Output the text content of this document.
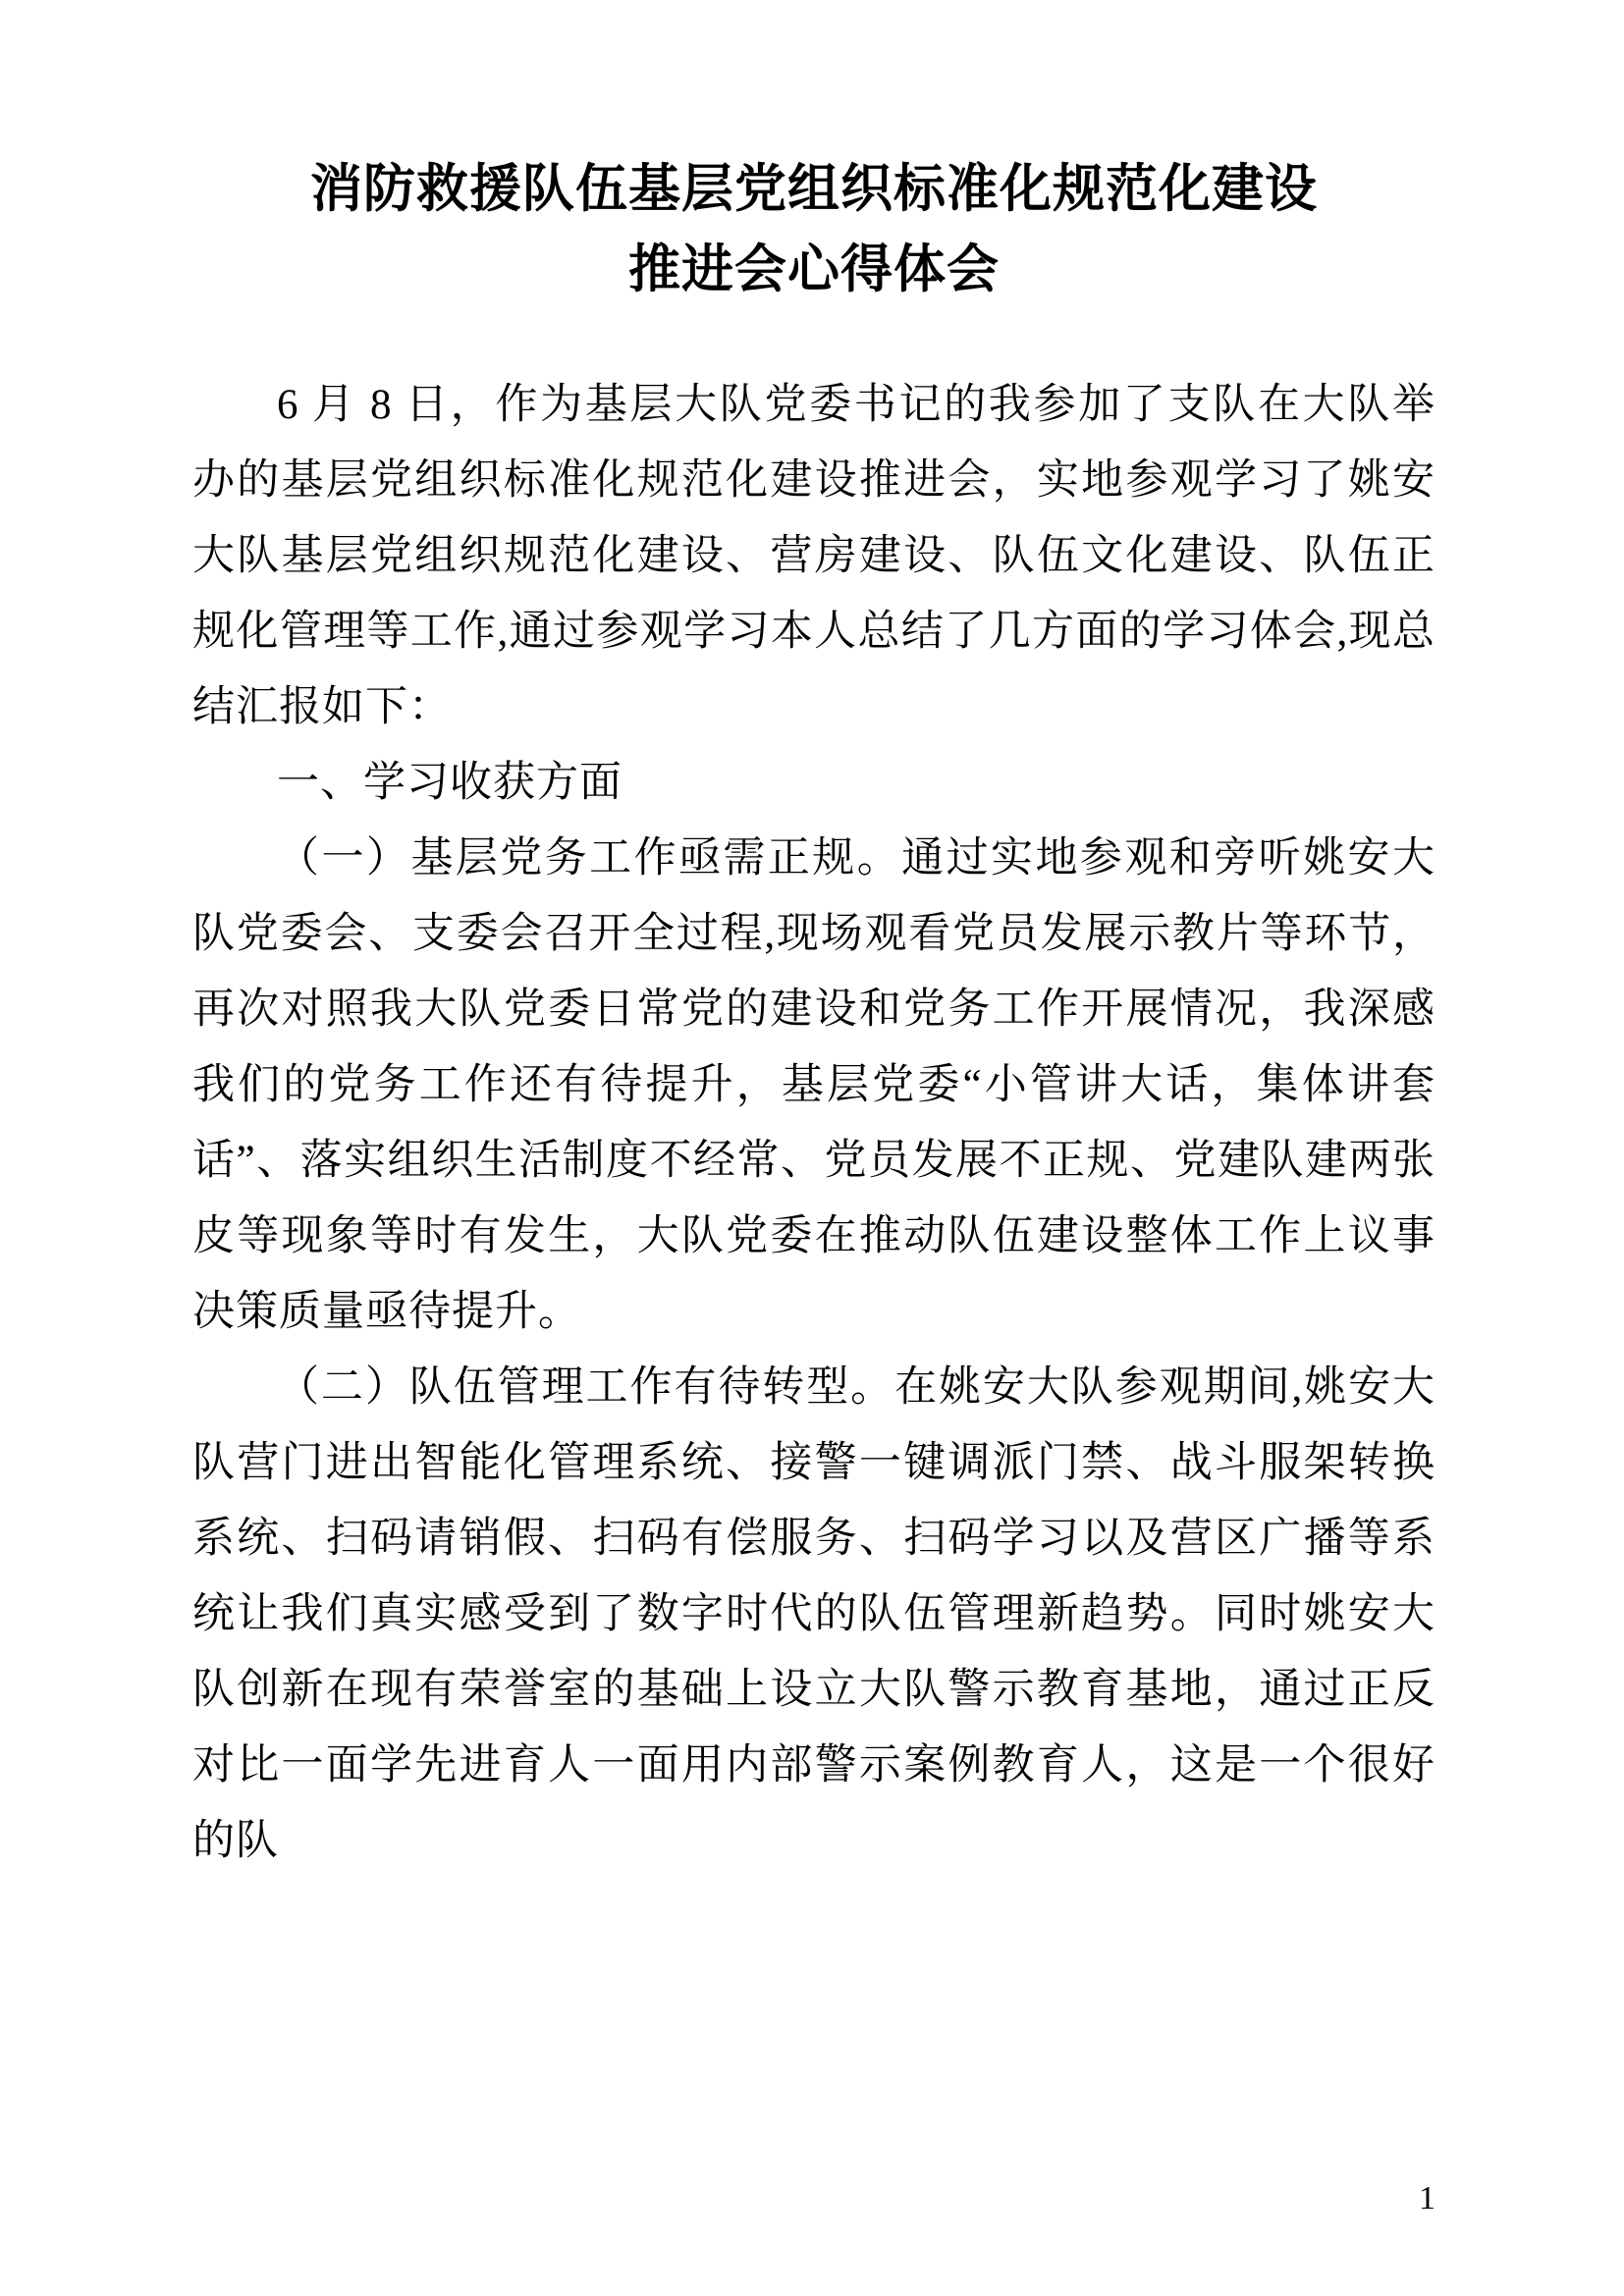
消防救援队伍基层党组织标准化规范化建设
推进会心得体会

6 月 8 日，作为基层大队党委书记的我参加了支队在大队举办的基层党组织标准化规范化建设推进会，实地参观学习了姚安大队基层党组织规范化建设、营房建设、队伍文化建设、队伍正规化管理等工作,通过参观学习本人总结了几方面的学习体会,现总结汇报如下：

一、学习收获方面

（一）基层党务工作亟需正规。通过实地参观和旁听姚安大队党委会、支委会召开全过程,现场观看党员发展示教片等环节，再次对照我大队党委日常党的建设和党务工作开展情况，我深感我们的党务工作还有待提升，基层党委“小管讲大话，集体讲套话”、落实组织生活制度不经常、党员发展不正规、党建队建两张皮等现象等时有发生，大队党委在推动队伍建设整体工作上议事决策质量亟待提升。

（二）队伍管理工作有待转型。在姚安大队参观期间,姚安大队营门进出智能化管理系统、接警一键调派门禁、战斗服架转换系统、扫码请销假、扫码有偿服务、扫码学习以及营区广播等系统让我们真实感受到了数字时代的队伍管理新趋势。同时姚安大队创新在现有荣誉室的基础上设立大队警示教育基地，通过正反对比一面学先进育人一面用内部警示案例教育人，这是一个很好的队

1
